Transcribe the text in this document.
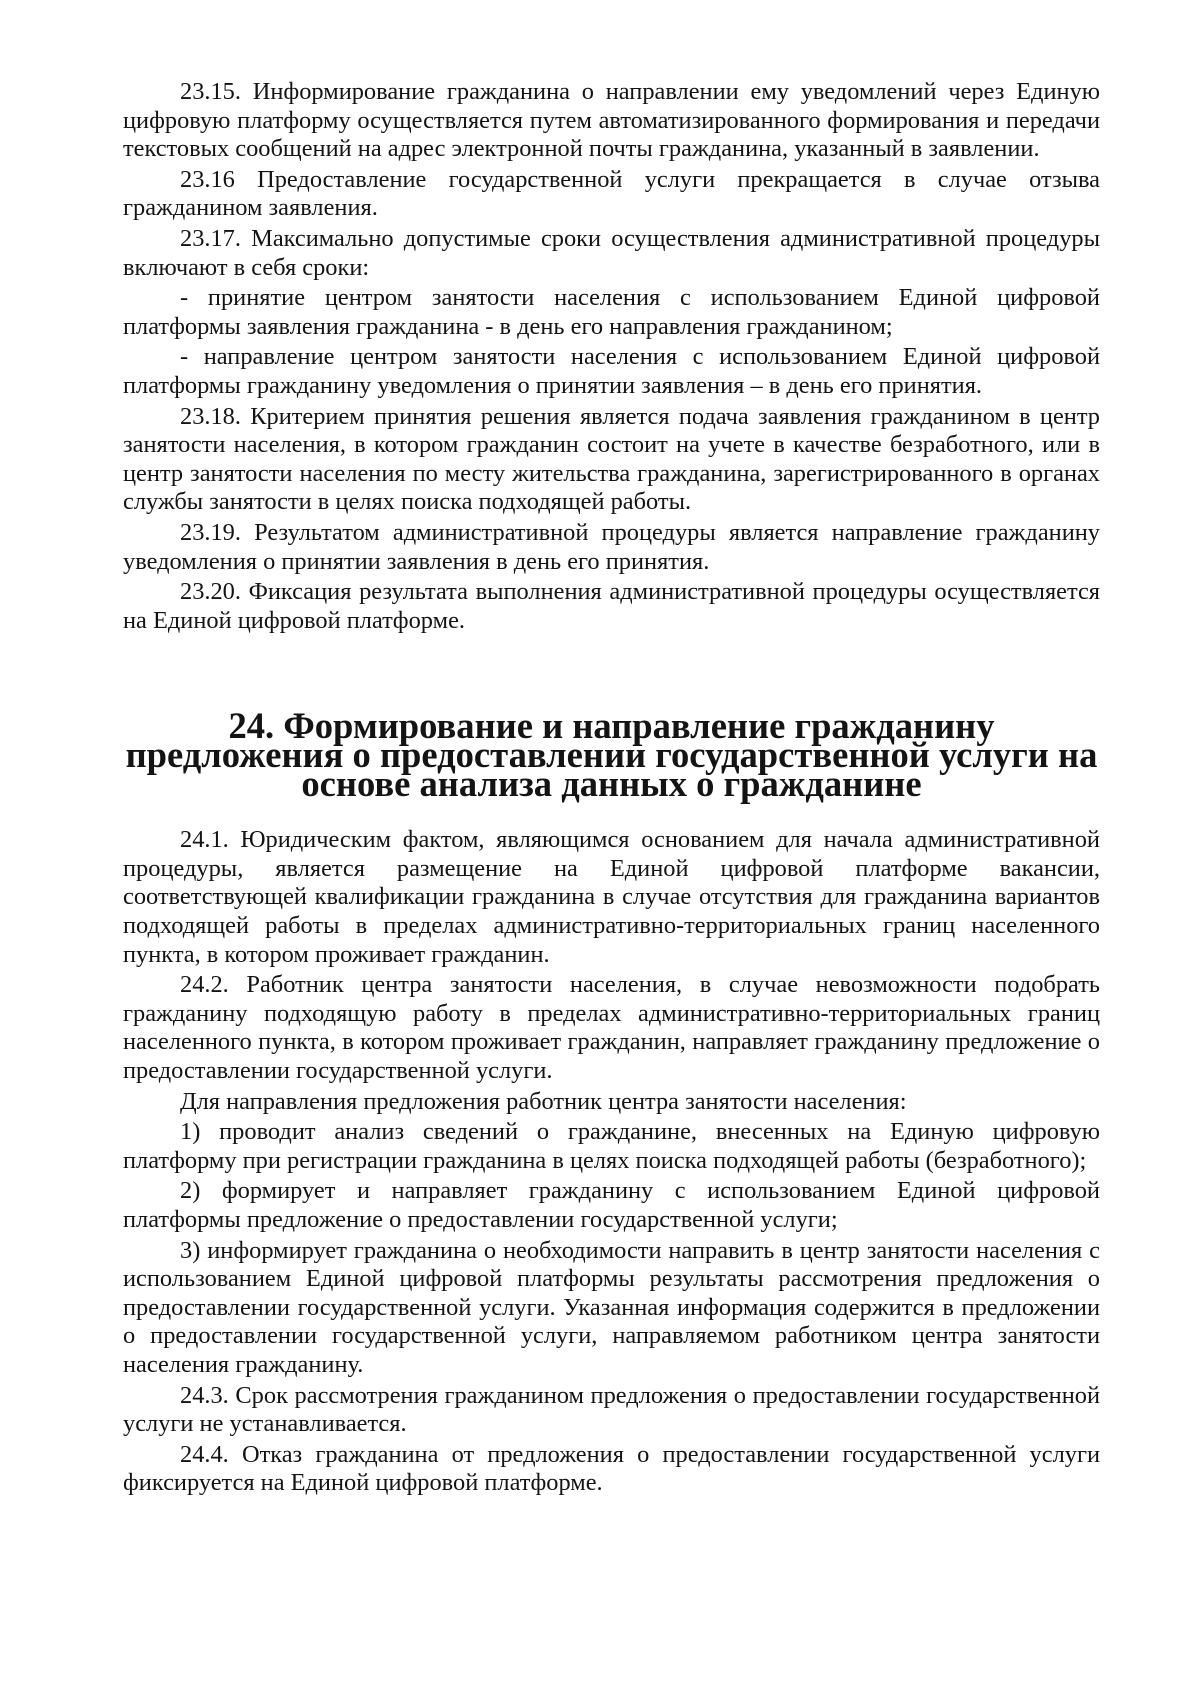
23.15. Информирование гражданина о направлении ему уведомлений через Единую цифровую платформу осуществляется путем автоматизированного формирования и передачи текстовых сообщений на адрес электронной почты гражданина, указанный в заявлении.

23.16 Предоставление государственной услуги прекращается в случае отзыва гражданином заявления.

23.17. Максимально допустимые сроки осуществления административной процедуры включают в себя сроки:

- принятие центром занятости населения с использованием Единой цифровой платформы заявления гражданина - в день его направления гражданином;

- направление центром занятости населения с использованием Единой цифровой платформы гражданину уведомления о принятии заявления – в день его принятия.

23.18. Критерием принятия решения является подача заявления гражданином в центр занятости населения, в котором гражданин состоит на учете в качестве безработного, или в центр занятости населения по месту жительства гражданина, зарегистрированного в органах службы занятости в целях поиска подходящей работы.

23.19. Результатом административной процедуры является направление гражданину уведомления о принятии заявления в день его принятия.

23.20. Фиксация результата выполнения административной процедуры осуществляется на Единой цифровой платформе.

24. Формирование и направление гражданину
предложения о предоставлении государственной услуги на основе анализа данных о гражданине

24.1. Юридическим фактом, являющимся основанием для начала административной процедуры, является размещение на Единой цифровой платформе вакансии, соответствующей квалификации гражданина в случае отсутствия для гражданина вариантов подходящей работы в пределах административно-территориальных границ населенного пункта, в котором проживает гражданин.

24.2. Работник центра занятости населения, в случае невозможности подобрать гражданину подходящую работу в пределах административно-территориальных границ населенного пункта, в котором проживает гражданин, направляет гражданину предложение о предоставлении государственной услуги.

Для направления предложения работник центра занятости населения:

1) проводит анализ сведений о гражданине, внесенных на Единую цифровую платформу при регистрации гражданина в целях поиска подходящей работы (безработного);

2) формирует и направляет гражданину с использованием Единой цифровой платформы предложение о предоставлении государственной услуги;

3) информирует гражданина о необходимости направить в центр занятости населения с использованием Единой цифровой платформы результаты рассмотрения предложения о предоставлении государственной услуги. Указанная информация содержится в предложении о предоставлении государственной услуги, направляемом работником центра занятости населения гражданину.

24.3. Срок рассмотрения гражданином предложения о предоставлении государственной услуги не устанавливается.

24.4. Отказ гражданина от предложения о предоставлении государственной услуги фиксируется на Единой цифровой платформе.
